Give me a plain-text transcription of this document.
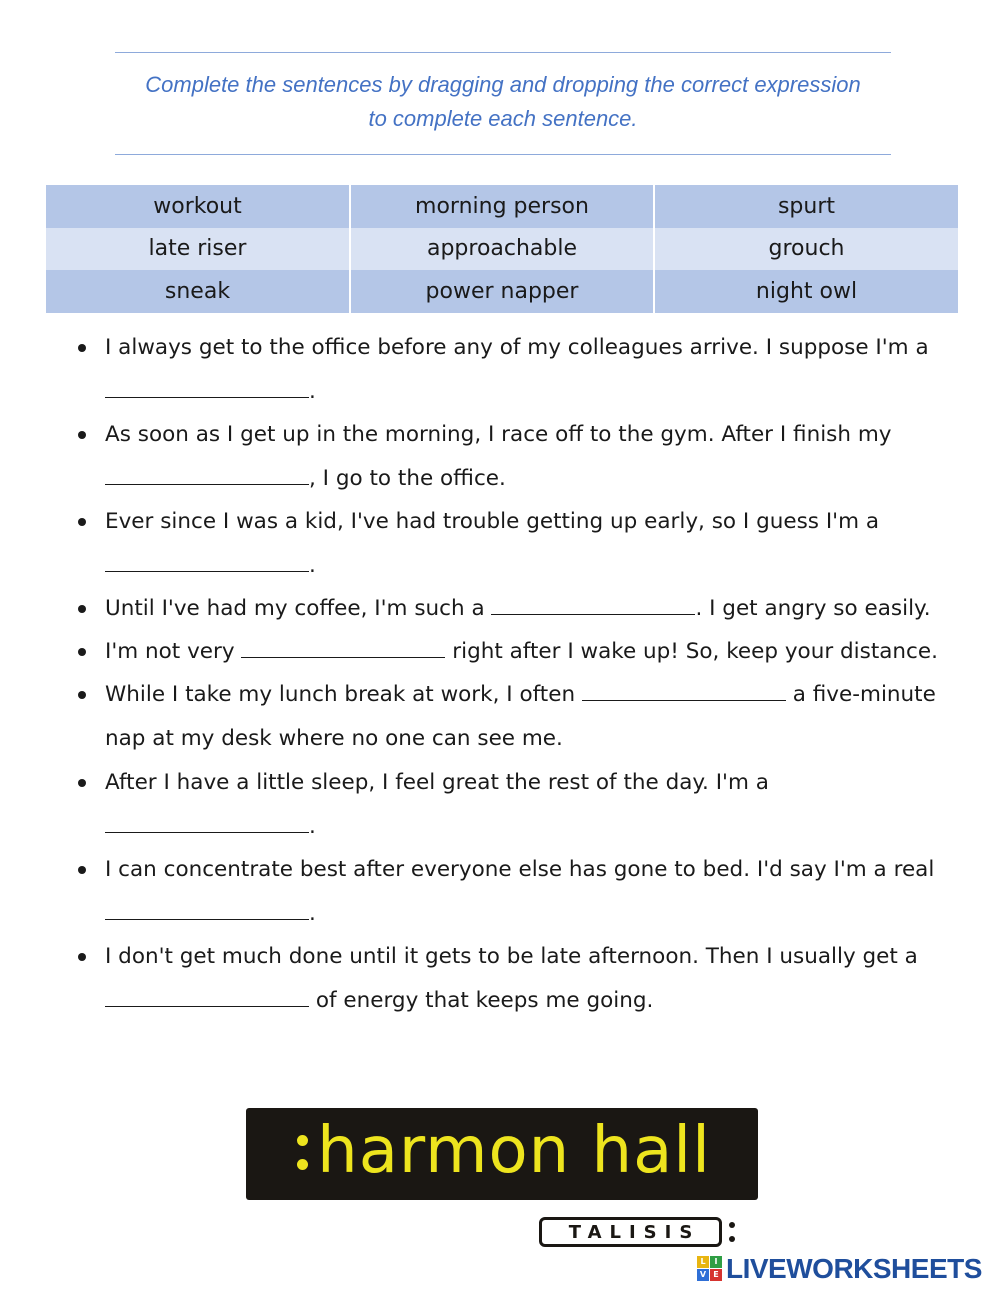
Complete the sentences by dragging and dropping the correct expression
to complete each sentence.
workout	morning person	spurt
late riser	approachable	grouch
sneak	power napper	night owl
I always get to the office before any of my colleagues arrive. I suppose I'm a
.
As soon as I get up in the morning, I race off to the gym. After I finish my
, I go to the office.
Ever since I was a kid, I've had trouble getting up early, so I guess I'm a
.
Until I've had my coffee, I'm such a	. I get angry so easily.
I'm not very	right after I wake up! So, keep your distance.
While I take my lunch break at work, I often	a five-minute
nap at my desk where no one can see me.
After I have a little sleep, I feel great the rest of the day. I'm a
.
I can concentrate best after everyone else has gone to bed. I'd say I'm a real
.
I don't get much done until it gets to be late afternoon. Then I usually get a
of energy that keeps me going.
harmon hall
TALISIS
L	I
V E LIVEWORKSHEETS
